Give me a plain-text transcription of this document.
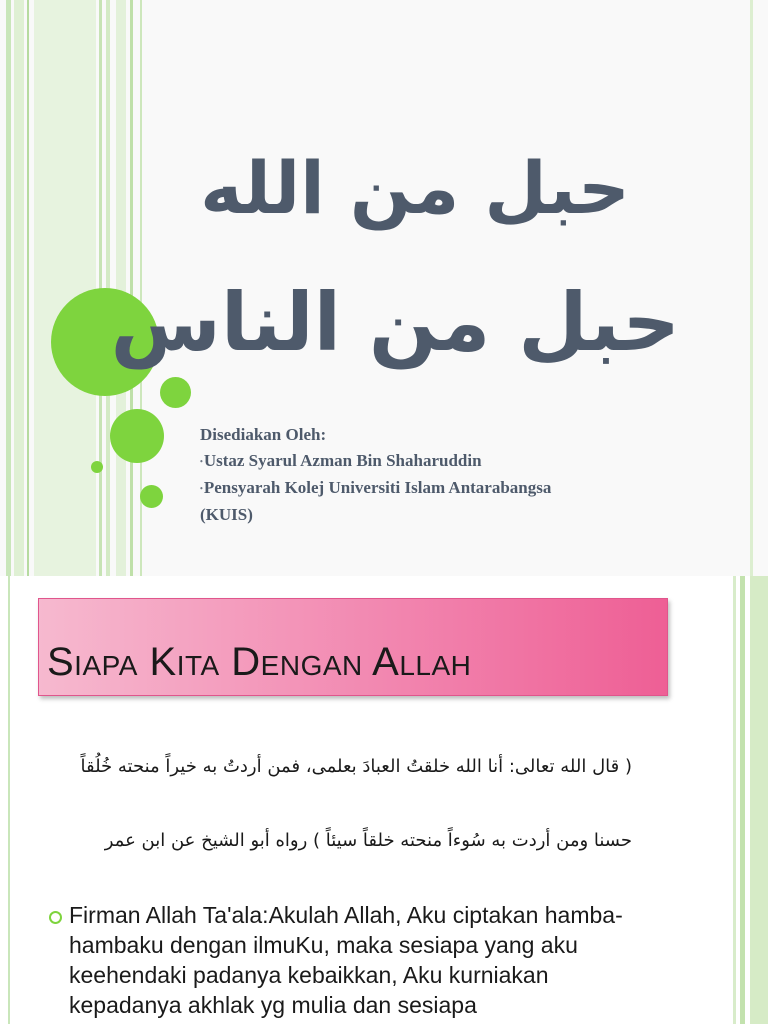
حبل من الله
حبل من الناس
Disediakan Oleh:
•Ustaz Syarul Azman Bin Shaharuddin
•Pensyarah Kolej Universiti Islam Antarabangsa
(KUIS)
Siapa Kita Dengan Allah

( قال الله تعالى: أنا الله خلقتُ العبادَ بعلمى، فمن أردتُ به خيراً منحته خُلُقاً

حسنا ومن أردت به سُوءاً منحته خلقاً سيئاً ) رواه أبو الشيخ عن ابن عمر

Firman Allah Ta'ala:Akulah Allah, Aku ciptakan hamba-hambaku dengan ilmuKu, maka sesiapa yang aku keehendaki padanya kebaikkan, Aku kurniakan kepadanya akhlak yg mulia dan sesiapa
